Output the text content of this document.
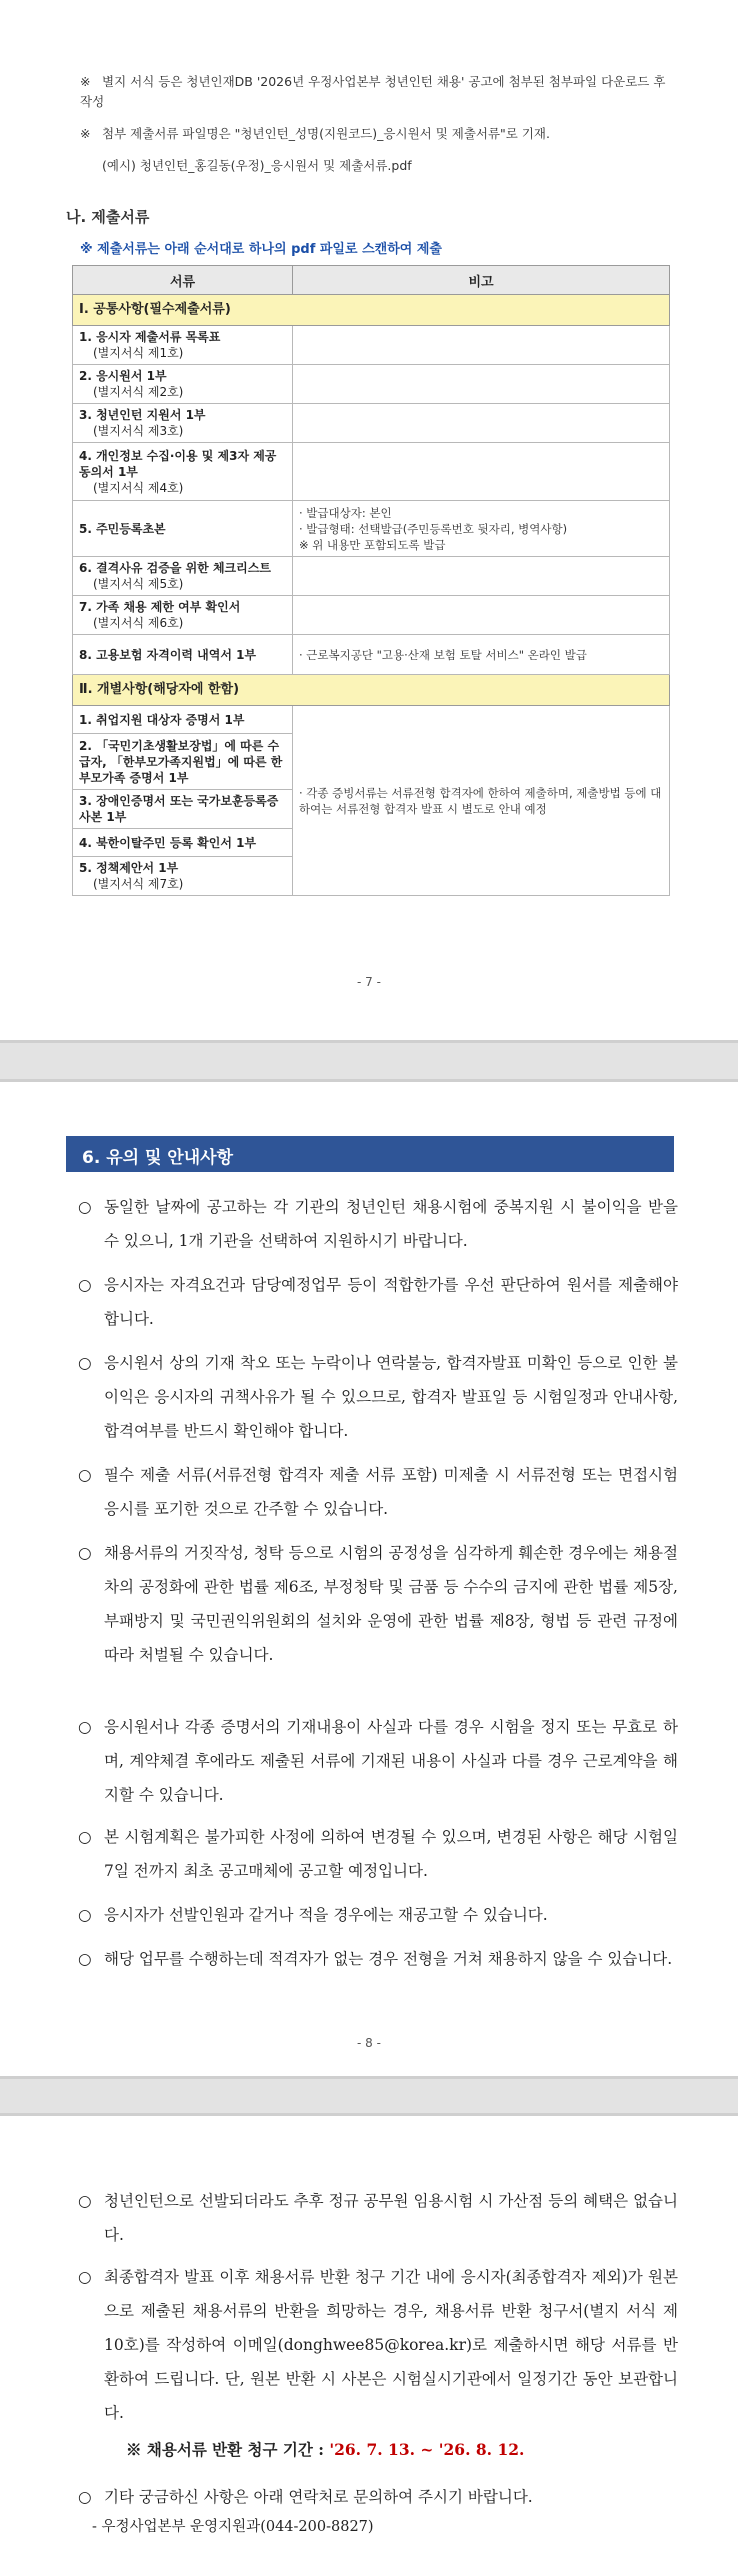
※ 별지 서식 등은 청년인재DB '2026년 우정사업본부 청년인턴 채용' 공고에 첨부된 첨부파일 다운로드 후 작성
※ 첨부 제출서류 파일명은 "청년인턴_성명(지원코드)_응시원서 및 제출서류"로 기재.
(예시) 청년인턴_홍길동(우정)_응시원서 및 제출서류.pdf
나. 제출서류
※ 제출서류는 아래 순서대로 하나의 pdf 파일로 스캔하여 제출
서류	비고
Ⅰ. 공통사항(필수제출서류)	
1. 응시자 제출서류 목록표
(별지서식 제1호)	

2. 응시원서 1부
(별지서식 제2호)	

3. 청년인턴 지원서 1부
(별지서식 제3호)	

4. 개인정보 수집·이용 및 제3자 제공 동의서 1부
(별지서식 제4호)	

5. 주민등록초본	· 발급대상자: 본인
· 발급형태: 선택발급(주민등록번호 뒷자리, 병역사항)
※ 위 내용만 포함되도록 발급

6. 결격사유 검증을 위한 체크리스트
(별지서식 제5호)	

7. 가족 채용 제한 여부 확인서
(별지서식 제6호)	

8. 고용보험 자격이력 내역서 1부	· 근로복지공단 "고용·산재 보험 토탈 서비스" 온라인 발급
Ⅱ. 개별사항(해당자에 한함)	
1. 취업지원 대상자 증명서 1부	· 각종 증빙서류는 서류전형 합격자에 한하여 제출하며, 제출방법 등에 대하여는 서류전형 합격자 발표 시 별도로 안내 예정
2. 「국민기초생활보장법」에 따른 수급자, 「한부모가족지원법」에 따른 한부모가족 증명서 1부	
3. 장애인증명서 또는 국가보훈등록증 사본 1부	
4. 북한이탈주민 등록 확인서 1부	
5. 정책제안서 1부
(별지서식 제7호)	
- 7 -
6. 유의 및 안내사항
○ 동일한 날짜에 공고하는 각 기관의 청년인턴 채용시험에 중복지원 시 불이익을 받을 수 있으니, 1개 기관을 선택하여 지원하시기 바랍니다.
○ 응시자는 자격요건과 담당예정업무 등이 적합한가를 우선 판단하여 원서를 제출해야 합니다.
○ 응시원서 상의 기재 착오 또는 누락이나 연락불능, 합격자발표 미확인 등으로 인한 불이익은 응시자의 귀책사유가 될 수 있으므로, 합격자 발표일 등 시험일정과 안내사항, 합격여부를 반드시 확인해야 합니다.
○ 필수 제출 서류(서류전형 합격자 제출 서류 포함) 미제출 시 서류전형 또는 면접시험 응시를 포기한 것으로 간주할 수 있습니다.
○ 채용서류의 거짓작성, 청탁 등으로 시험의 공정성을 심각하게 훼손한 경우에는 채용절차의 공정화에 관한 법률 제6조, 부정청탁 및 금품 등 수수의 금지에 관한 법률 제5장, 부패방지 및 국민권익위원회의 설치와 운영에 관한 법률 제8장, 형법 등 관련 규정에 따라 처벌될 수 있습니다.
○ 응시원서나 각종 증명서의 기재내용이 사실과 다를 경우 시험을 정지 또는 무효로 하며, 계약체결 후에라도 제출된 서류에 기재된 내용이 사실과 다를 경우 근로계약을 해지할 수 있습니다.
○ 본 시험계획은 불가피한 사정에 의하여 변경될 수 있으며, 변경된 사항은 해당 시험일 7일 전까지 최초 공고매체에 공고할 예정입니다.
○ 응시자가 선발인원과 같거나 적을 경우에는 재공고할 수 있습니다.
○ 해당 업무를 수행하는데 적격자가 없는 경우 전형을 거쳐 채용하지 않을 수 있습니다.
- 8 -
○ 청년인턴으로 선발되더라도 추후 정규 공무원 임용시험 시 가산점 등의 혜택은 없습니다.
○ 최종합격자 발표 이후 채용서류 반환 청구 기간 내에 응시자(최종합격자 제외)가 원본으로 제출된 채용서류의 반환을 희망하는 경우, 채용서류 반환 청구서(별지 서식 제10호)를 작성하여 이메일(donghwee85@korea.kr)로 제출하시면 해당 서류를 반환하여 드립니다. 단, 원본 반환 시 사본은 시험실시기관에서 일정기간 동안 보관합니다.
※ 채용서류 반환 청구 기간 : '26. 7. 13. ~ '26. 8. 12.
○ 기타 궁금하신 사항은 아래 연락처로 문의하여 주시기 바랍니다.
- 우정사업본부 운영지원과(044-200-8827)
